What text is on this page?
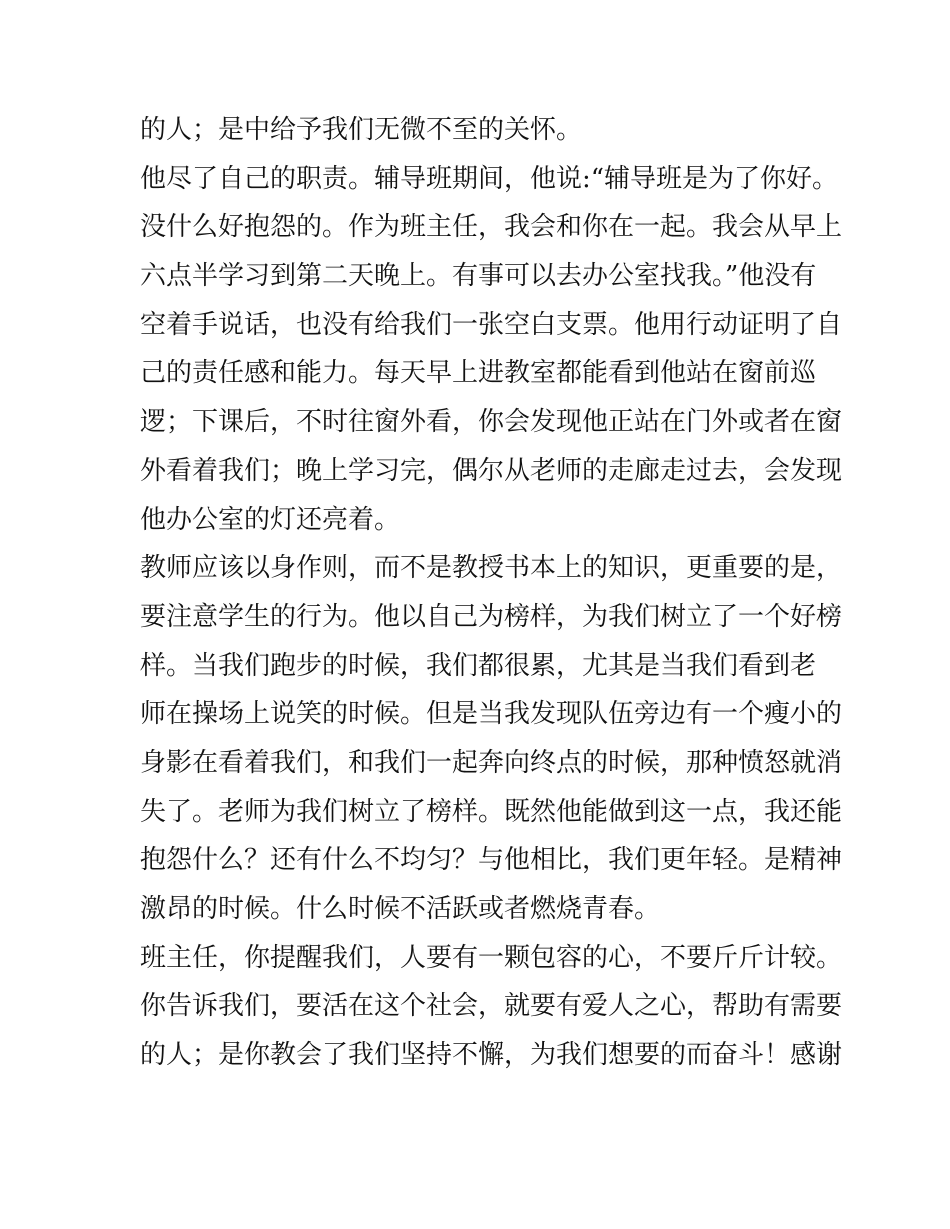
的人；是中给予我们无微不至的关怀。
他尽了自己的职责。辅导班期间，他说:“辅导班是为了你好。
没什么好抱怨的。作为班主任，我会和你在一起。我会从早上
六点半学习到第二天晚上。有事可以去办公室找我。”他没有
空着手说话，也没有给我们一张空白支票。他用行动证明了自
己的责任感和能力。每天早上进教室都能看到他站在窗前巡
逻；下课后，不时往窗外看，你会发现他正站在门外或者在窗
外看着我们；晚上学习完，偶尔从老师的走廊走过去，会发现
他办公室的灯还亮着。
教师应该以身作则，而不是教授书本上的知识，更重要的是，
要注意学生的行为。他以自己为榜样，为我们树立了一个好榜
样。当我们跑步的时候，我们都很累，尤其是当我们看到老
师在操场上说笑的时候。但是当我发现队伍旁边有一个瘦小的
身影在看着我们，和我们一起奔向终点的时候，那种愤怒就消
失了。老师为我们树立了榜样。既然他能做到这一点，我还能
抱怨什么？还有什么不均匀？与他相比，我们更年轻。是精神
激昂的时候。什么时候不活跃或者燃烧青春。
班主任，你提醒我们，人要有一颗包容的心，不要斤斤计较。
你告诉我们，要活在这个社会，就要有爱人之心，帮助有需要
的人；是你教会了我们坚持不懈，为我们想要的而奋斗！感谢
